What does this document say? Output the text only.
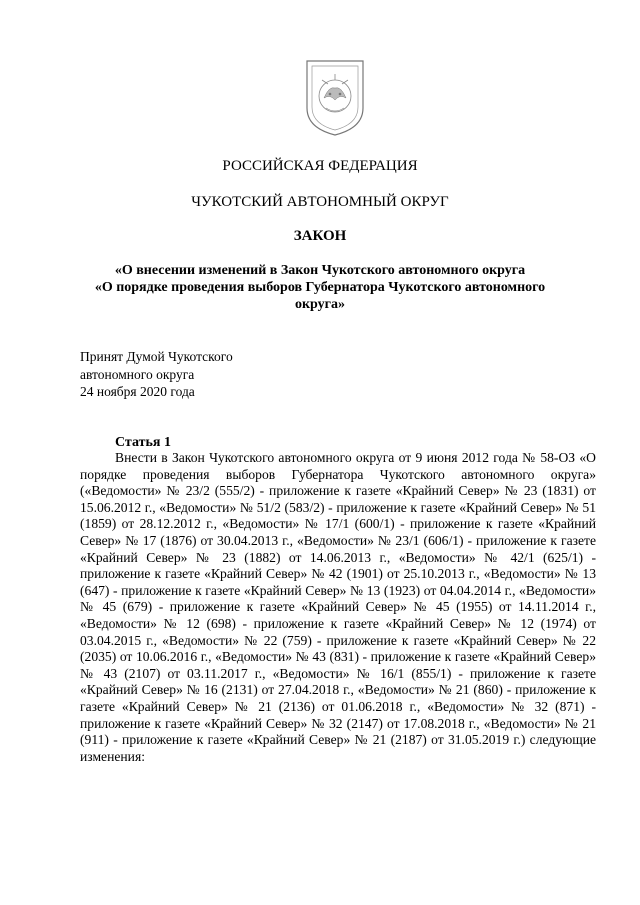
РОССИЙСКАЯ ФЕДЕРАЦИЯ
ЧУКОТСКИЙ АВТОНОМНЫЙ ОКРУГ
ЗАКОН
«О внесении изменений в Закон Чукотского автономного округа
«О порядке проведения выборов Губернатора Чукотского автономного
округа»
Принят Думой Чукотского
автономного округа
24 ноября 2020 года
Статья 1

Внести в Закон Чукотского автономного округа от 9 июня 2012 года № 58-ОЗ «О порядке проведения выборов Губернатора Чукотского автономного округа» («Ведомости» № 23/2 (555/2) - приложение к газете «Крайний Север» № 23 (1831) от 15.06.2012 г., «Ведомости» № 51/2 (583/2) - приложение к газете «Крайний Север» № 51 (1859) от 28.12.2012 г., «Ведомости» № 17/1 (600/1) - приложение к газете «Крайний Север» № 17 (1876) от 30.04.2013 г., «Ведомости» № 23/1 (606/1) - приложение к газете «Крайний Север» № 23 (1882) от 14.06.2013 г., «Ведомости» № 42/1 (625/1) - приложение к газете «Крайний Север» № 42 (1901) от 25.10.2013 г., «Ведомости» № 13 (647) - приложение к газете «Крайний Север» № 13 (1923) от 04.04.2014 г., «Ведомости» № 45 (679) - приложение к газете «Крайний Север» № 45 (1955) от 14.11.2014 г., «Ведомости» № 12 (698) - приложение к газете «Крайний Север» № 12 (1974) от 03.04.2015 г., «Ведомости» № 22 (759) - приложение к газете «Крайний Север» № 22 (2035) от 10.06.2016 г., «Ведомости» № 43 (831) - приложение к газете «Крайний Север» № 43 (2107) от 03.11.2017 г., «Ведомости» № 16/1 (855/1) - приложение к газете «Крайний Север» № 16 (2131) от 27.04.2018 г., «Ведомости» № 21 (860) - приложение к газете «Крайний Север» № 21 (2136) от 01.06.2018 г., «Ведомости» № 32 (871) - приложение к газете «Крайний Север» № 32 (2147) от 17.08.2018 г., «Ведомости» № 21 (911) - приложение к газете «Крайний Север» № 21 (2187) от 31.05.2019 г.) следующие изменения:
